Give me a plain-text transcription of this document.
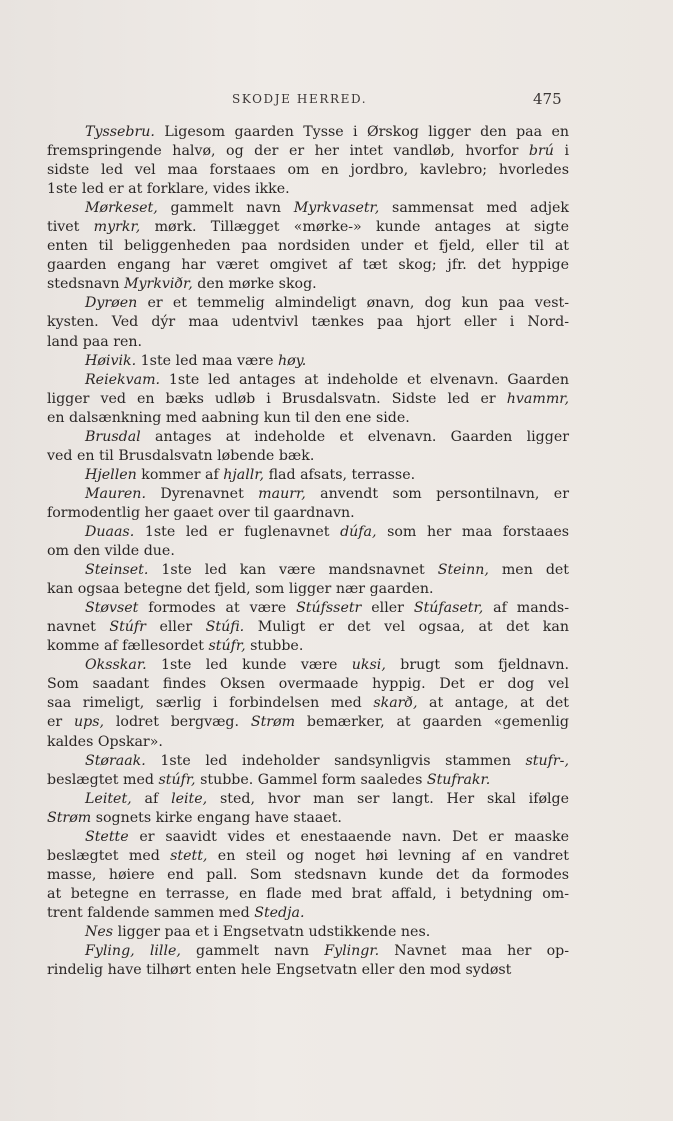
SKODJE HERRED.	475

Tyssebru. Ligesom gaarden Tysse i Ørskog ligger den paa en

fremspringende halvø, og der er her intet vandløb, hvorfor brú i

sidste led vel maa forstaaes om en jordbro, kavlebro; hvorledes

1ste led er at forklare, vides ikke.

Mørkeset, gammelt navn Myrkvasetr, sammensat med adjek

tivet myrkr, mørk. Tillægget «mørke-» kunde antages at sigte

enten til beliggenheden paa nordsiden under et fjeld, eller til at

gaarden engang har været omgivet af tæt skog; jfr. det hyppige

stedsnavn Myrkviðr, den mørke skog.

Dyrøen er et temmelig almindeligt ønavn, dog kun paa vest-

kysten. Ved dýr maa udentvivl tænkes paa hjort eller i Nord-

land paa ren.

Høivik. 1ste led maa være høy.

Reiekvam. 1ste led antages at indeholde et elvenavn. Gaarden

ligger ved en bæks udløb i Brusdalsvatn. Sidste led er hvammr,

en dalsænkning med aabning kun til den ene side.

Brusdal antages at indeholde et elvenavn. Gaarden ligger

ved en til Brusdalsvatn løbende bæk.

Hjellen kommer af hjallr, flad afsats, terrasse.

Mauren. Dyrenavnet maurr, anvendt som persontilnavn, er

formodentlig her gaaet over til gaardnavn.

Duaas. 1ste led er fuglenavnet dúfa, som her maa forstaaes

om den vilde due.

Steinset. 1ste led kan være mandsnavnet Steinn, men det

kan ogsaa betegne det fjeld, som ligger nær gaarden.

Støvset formodes at være Stúfssetr eller Stúfasetr, af mands-

navnet Stúfr eller Stúfi. Muligt er det vel ogsaa, at det kan

komme af fællesordet stúfr, stubbe.

Oksskar. 1ste led kunde være uksi, brugt som fjeldnavn.

Som saadant findes Oksen overmaade hyppig. Det er dog vel

saa rimeligt, særlig i forbindelsen med skarð, at antage, at det

er ups, lodret bergvæg. Strøm bemærker, at gaarden «gemenlig

kaldes Opskar».

Støraak. 1ste led indeholder sandsynligvis stammen stufr-,

beslægtet med stúfr, stubbe. Gammel form saaledes Stufrakr.

Leitet, af leite, sted, hvor man ser langt. Her skal ifølge

Strøm sognets kirke engang have staaet.

Stette er saavidt vides et enestaaende navn. Det er maaske

beslægtet med stett, en steil og noget høi levning af en vandret

masse, høiere end pall. Som stedsnavn kunde det da formodes

at betegne en terrasse, en flade med brat affald, i betydning om-

trent faldende sammen med Stedja.

Nes ligger paa et i Engsetvatn udstikkende nes.

Fyling, lille, gammelt navn Fylingr. Navnet maa her op-

rindelig have tilhørt enten hele Engsetvatn eller den mod sydøst
